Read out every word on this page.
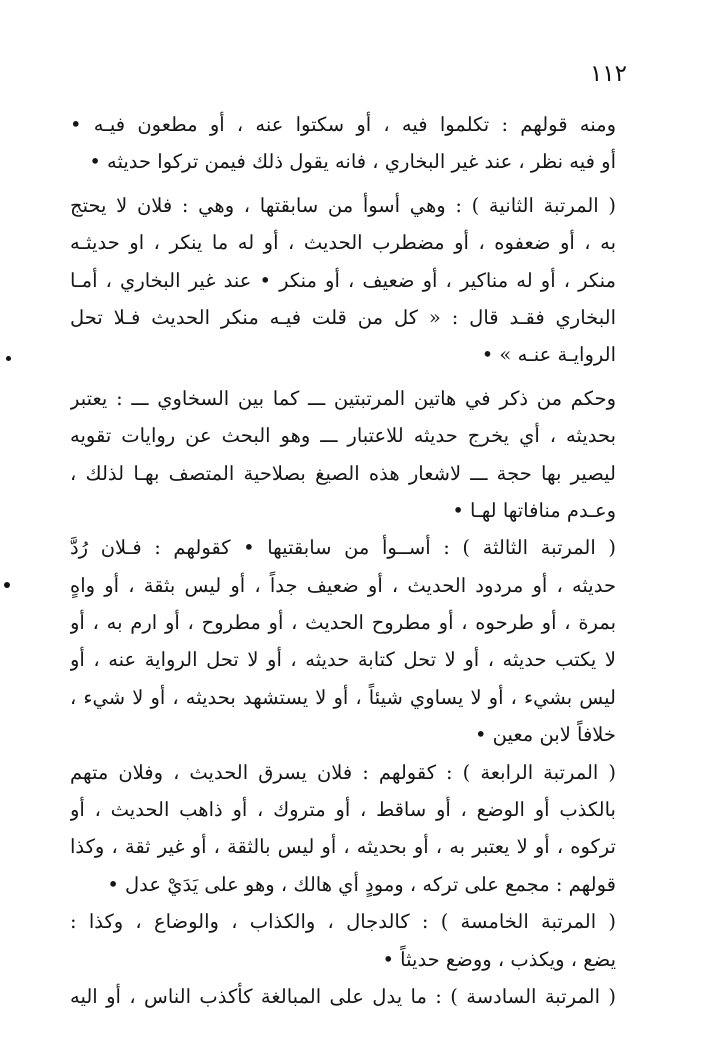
١١٢
ومنه قولهم : تكلموا فيه ، أو سكتوا عنه ، أو مطعون فيـه •
أو فيه نظر ، عند غير البخاري ، فانه يقول ذلك فيمن تركوا حديثه •
( المرتبة الثانية ) : وهي أسوأ من سابقتها ، وهي : فلان لا يحتج
به ، أو ضعفوه ، أو مضطرب الحديث ، أو له ما ينكر ، او حديثـه
منكر ، أو له مناكير ، أو ضعيف ، أو منكر • عند غير البخاري ، أمـا
البخاري فقـد قال : « كل من قلت فيـه منكر الحديث فـلا تحل
الروايـة عنـه » •
وحكم من ذكر في هاتين المرتبتين ـــ كما بين السخاوي ـــ : يعتبر
بحديثه ، أي يخرج حديثه للاعتبار ـــ وهو البحث عن روايات تقويه
ليصير بها حجة ـــ لاشعار هذه الصيغ بصلاحية المتصف بهـا لذلك ،
وعـدم منافاتها لهـا •
( المرتبة الثالثة ) : أســوأ من سابقتيها • كقولهم : فـلان رُدَّ
حديثه ، أو مردود الحديث ، أو ضعيف جداً ، أو ليس بثقة ، أو واهٍ
بمرة ، أو طرحوه ، أو مطروح الحديث ، أو مطروح ، أو ارم به ، أو
لا يكتب حديثه ، أو لا تحل كتابة حديثه ، أو لا تحل الرواية عنه ، أو
ليس بشيء ، أو لا يساوي شيئاً ، أو لا يستشهد بحديثه ، أو لا شيء ،
خلافاً لابن معين •
( المرتبة الرابعة ) : كقولهم : فلان يسرق الحديث ، وفلان متهم
بالكذب أو الوضع ، أو ساقط ، أو متروك ، أو ذاهب الحديث ، أو
تركوه ، أو لا يعتبر به ، أو بحديثه ، أو ليس بالثقة ، أو غير ثقة ، وكذا
قولهم : مجمع على تركه ، ومودٍ أي هالك ، وهو على يَدَيْ عدل •
( المرتبة الخامسة ) : كالدجال ، والكذاب ، والوضاع ، وكذا :
يضع ، ويكذب ، ووضع حديثاً •
( المرتبة السادسة ) : ما يدل على المبالغة كأكذب الناس ، أو اليه
